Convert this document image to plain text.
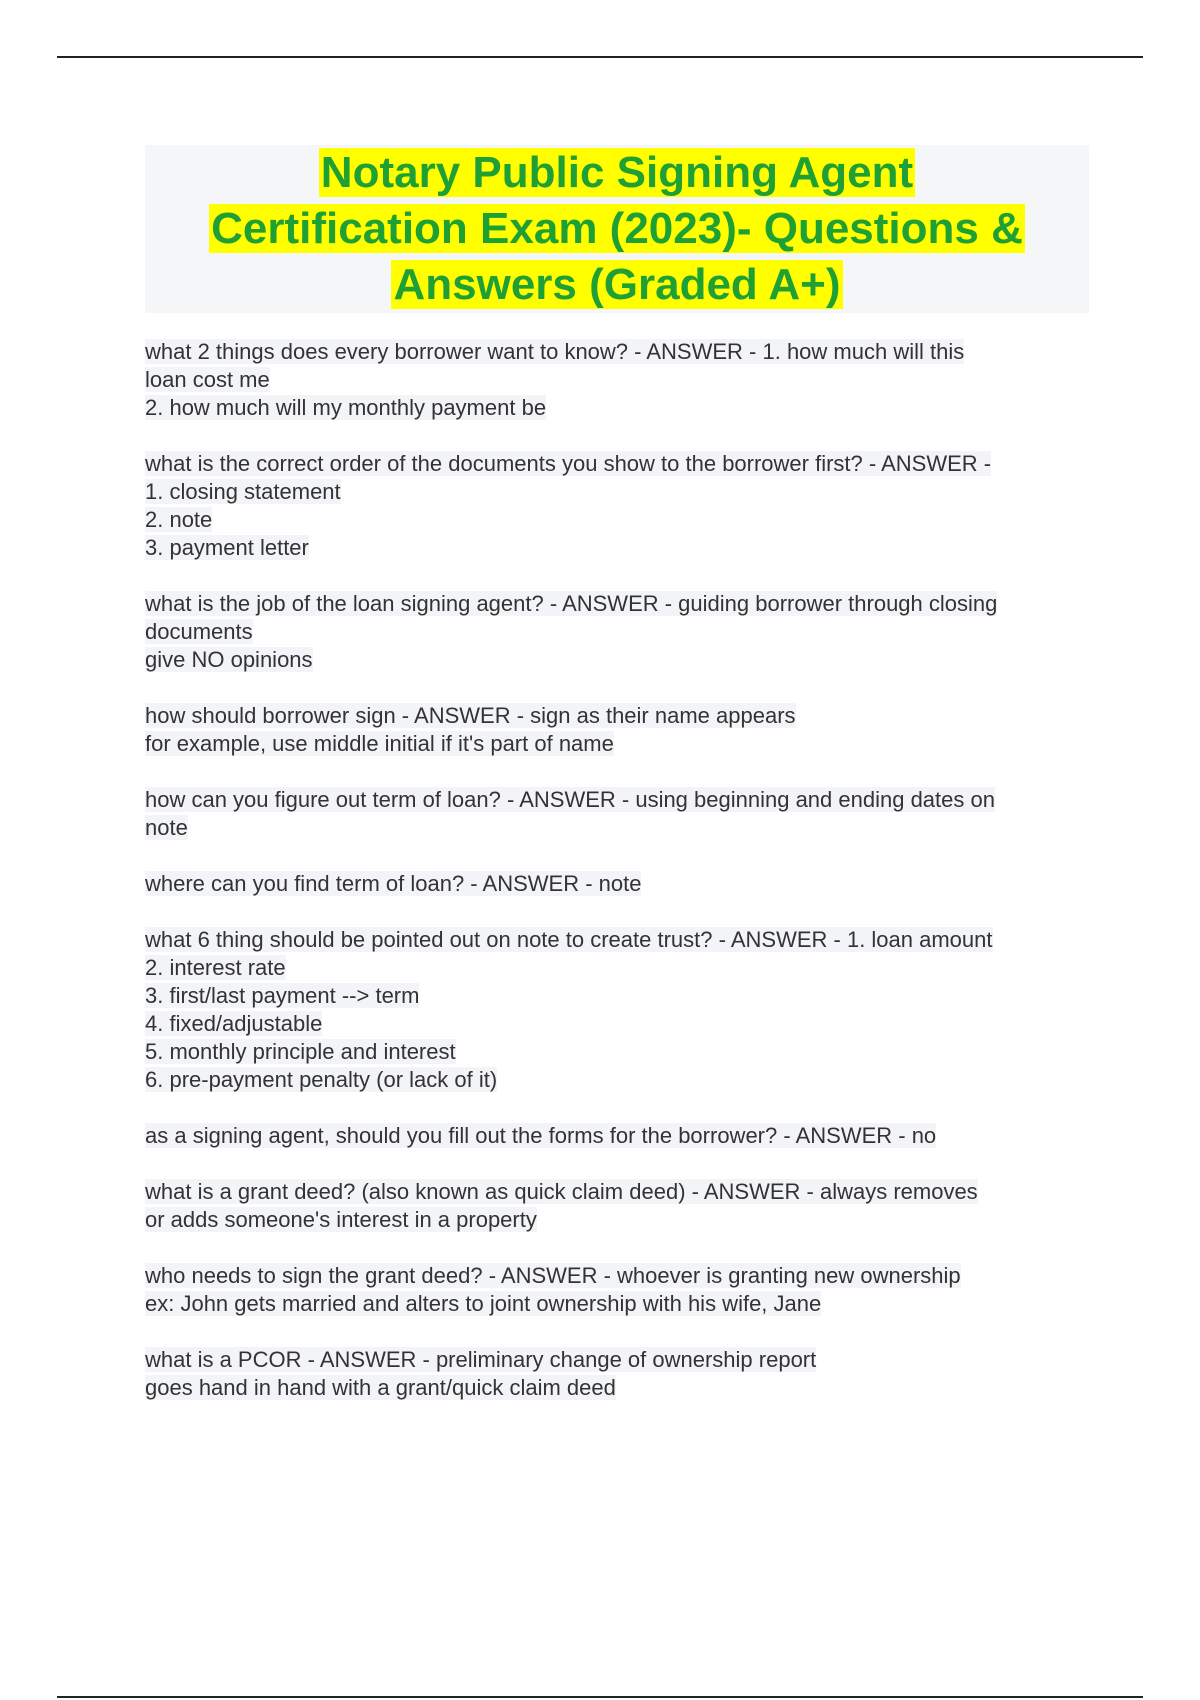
Notary Public Signing Agent
Certification Exam (2023)- Questions &
Answers (Graded A+)
what 2 things does every borrower want to know? - ANSWER - 1. how much will this
loan cost me
2. how much will my monthly payment be
what is the correct order of the documents you show to the borrower first? - ANSWER -
1. closing statement
2. note
3. payment letter
what is the job of the loan signing agent? - ANSWER - guiding borrower through closing
documents
give NO opinions
how should borrower sign - ANSWER - sign as their name appears
for example, use middle initial if it's part of name
how can you figure out term of loan? - ANSWER - using beginning and ending dates on
note
where can you find term of loan? - ANSWER - note
what 6 thing should be pointed out on note to create trust? - ANSWER - 1. loan amount
2. interest rate
3. first/last payment --> term
4. fixed/adjustable
5. monthly principle and interest
6. pre-payment penalty (or lack of it)
as a signing agent, should you fill out the forms for the borrower? - ANSWER - no
what is a grant deed? (also known as quick claim deed) - ANSWER - always removes
or adds someone's interest in a property
who needs to sign the grant deed? - ANSWER - whoever is granting new ownership
ex: John gets married and alters to joint ownership with his wife, Jane
what is a PCOR - ANSWER - preliminary change of ownership report
goes hand in hand with a grant/quick claim deed
